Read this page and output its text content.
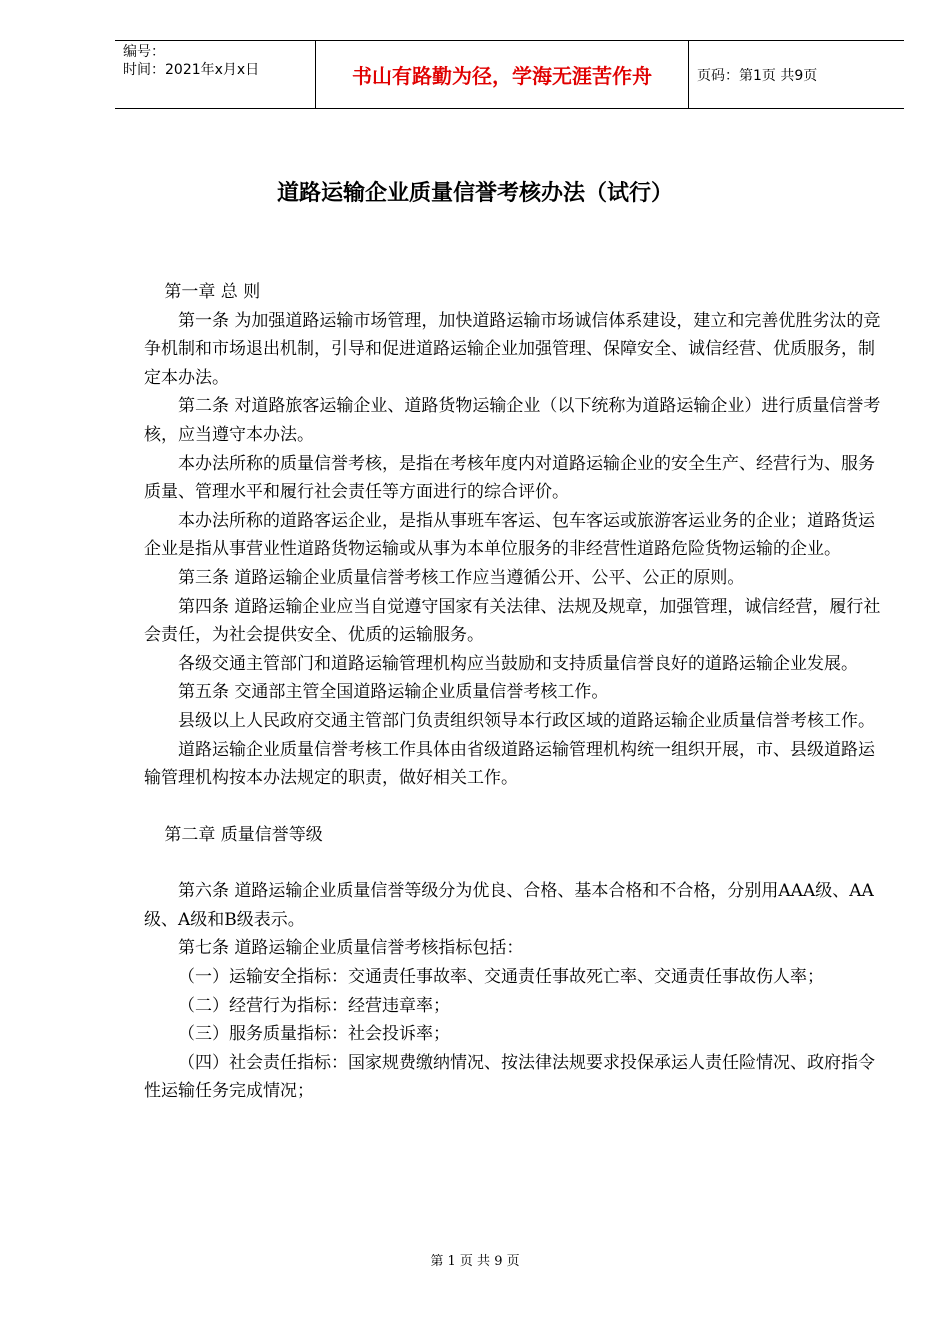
编号：
时间：2021年x月x日	书山有路勤为径，学海无涯苦作舟	页码：第1页 共9页
道路运输企业质量信誉考核办法（试行）

第一章 总 则

第一条 为加强道路运输市场管理，加快道路运输市场诚信体系建设，建立和完善优胜劣汰的竞争机制和市场退出机制，引导和促进道路运输企业加强管理、保障安全、诚信经营、优质服务，制定本办法。

第二条 对道路旅客运输企业、道路货物运输企业（以下统称为道路运输企业）进行质量信誉考核，应当遵守本办法。

本办法所称的质量信誉考核，是指在考核年度内对道路运输企业的安全生产、经营行为、服务质量、管理水平和履行社会责任等方面进行的综合评价。

本办法所称的道路客运企业，是指从事班车客运、包车客运或旅游客运业务的企业；道路货运企业是指从事营业性道路货物运输或从事为本单位服务的非经营性道路危险货物运输的企业。

第三条 道路运输企业质量信誉考核工作应当遵循公开、公平、公正的原则。

第四条 道路运输企业应当自觉遵守国家有关法律、法规及规章，加强管理，诚信经营，履行社会责任，为社会提供安全、优质的运输服务。

各级交通主管部门和道路运输管理机构应当鼓励和支持质量信誉良好的道路运输企业发展。

第五条 交通部主管全国道路运输企业质量信誉考核工作。

县级以上人民政府交通主管部门负责组织领导本行政区域的道路运输企业质量信誉考核工作。

道路运输企业质量信誉考核工作具体由省级道路运输管理机构统一组织开展，市、县级道路运输管理机构按本办法规定的职责，做好相关工作。

第二章 质量信誉等级

第六条 道路运输企业质量信誉等级分为优良、合格、基本合格和不合格，分别用AAA级、AA级、A级和B级表示。

第七条 道路运输企业质量信誉考核指标包括：

（一）运输安全指标：交通责任事故率、交通责任事故死亡率、交通责任事故伤人率；

（二）经营行为指标：经营违章率；

（三）服务质量指标：社会投诉率；

（四）社会责任指标：国家规费缴纳情况、按法律法规要求投保承运人责任险情况、政府指令性运输任务完成情况；

第 1 页 共 9 页
